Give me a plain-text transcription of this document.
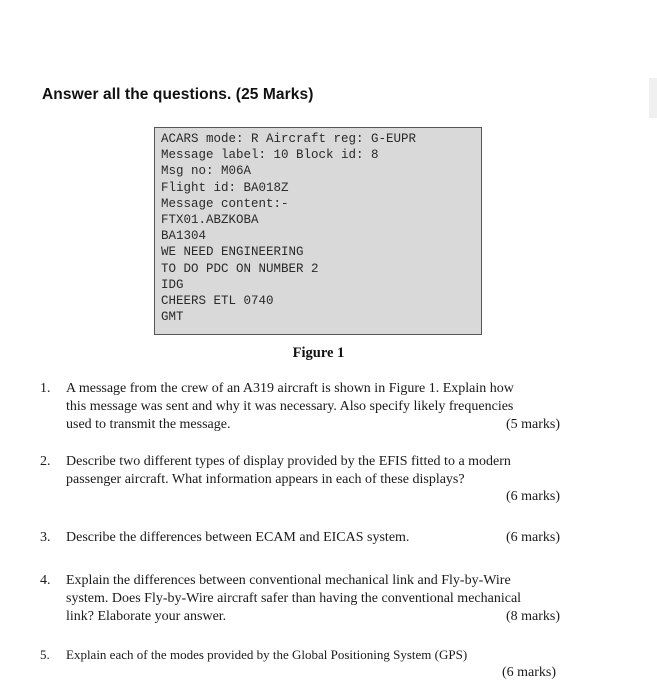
Answer all the questions. (25 Marks)
ACARS mode: R Aircraft reg: G-EUPR
Message label: 10 Block id: 8
Msg no: M06A
Flight id: BA018Z
Message content:-
FTX01.ABZKOBA
BA1304
WE NEED ENGINEERING
TO DO PDC ON NUMBER 2
IDG
CHEERS ETL 0740
GMT
Figure 1
1.	A message from the crew of an A319 aircraft is shown in Figure 1. Explain how
this message was sent and why it was necessary. Also specify likely frequencies
used to transmit the message.	(5 marks)
2.	Describe two different types of display provided by the EFIS fitted to a modern
passenger aircraft. What information appears in each of these displays?
(6 marks)
3.	Describe the differences between ECAM and EICAS system.	(6 marks)
4.	Explain the differences between conventional mechanical link and Fly-by-Wire
system. Does Fly-by-Wire aircraft safer than having the conventional mechanical
link? Elaborate your answer.	(8 marks)
5.	Explain each of the modes provided by the Global Positioning System (GPS)
(6 marks)
